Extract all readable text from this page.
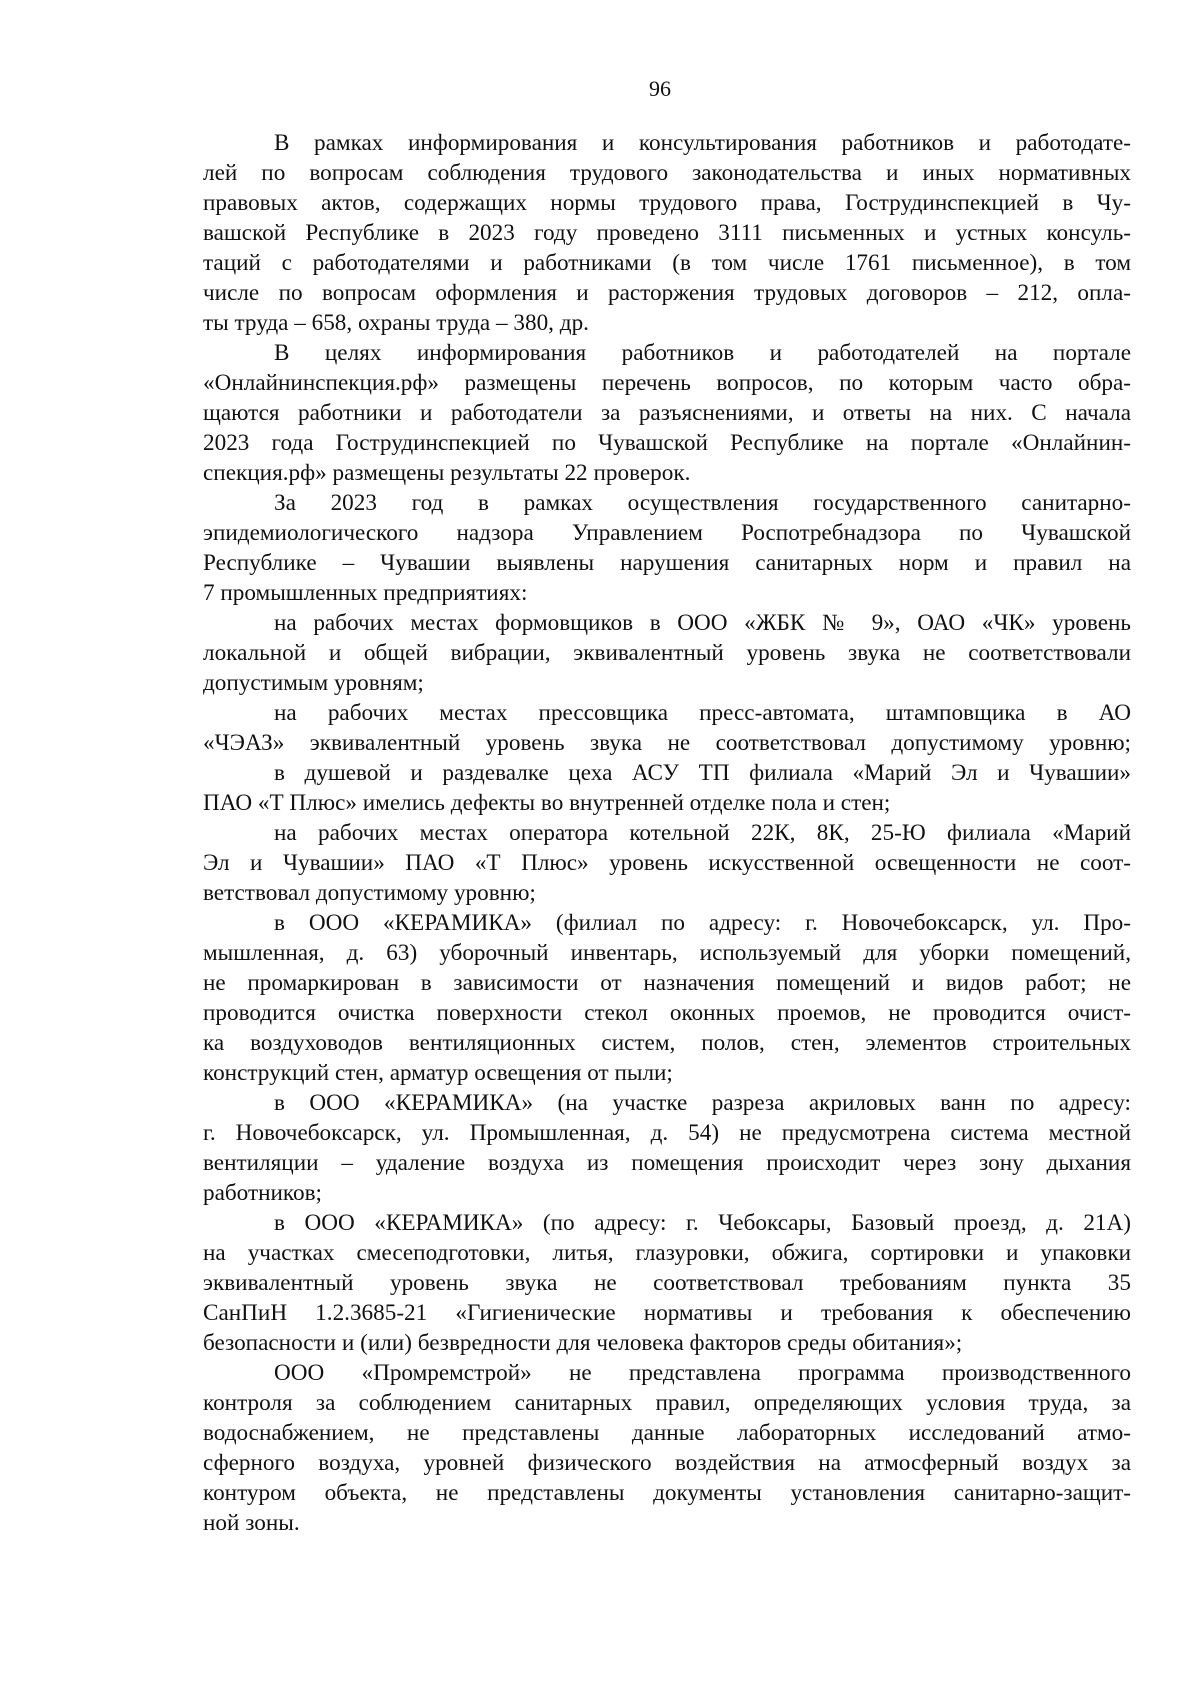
96
В рамках информирования и консультирования работников и работодате-
лей по вопросам соблюдения трудового законодательства и иных нормативных
правовых актов, содержащих нормы трудового права, Гострудинспекцией в Чу-
вашской Республике в 2023 году проведено 3111 письменных и устных консуль-
таций с работодателями и работниками (в том числе 1761 письменное), в том
числе по вопросам оформления и расторжения трудовых договоров – 212, опла-
ты труда – 658, охраны труда – 380, др.
В целях информирования работников и работодателей на портале
«Онлайнинспекция.рф» размещены перечень вопросов, по которым часто обра-
щаются работники и работодатели за разъяснениями, и ответы на них. С начала
2023 года Гострудинспекцией по Чувашской Республике на портале «Онлайнин-
спекция.рф» размещены результаты 22 проверок.
За 2023 год в рамках осуществления государственного санитарно-
эпидемиологического надзора Управлением Роспотребнадзора по Чувашской
Республике – Чувашии выявлены нарушения санитарных норм и правил на
7 промышленных предприятиях:
на рабочих местах формовщиков в ООО «ЖБК № 9», ОАО «ЧК» уровень
локальной и общей вибрации, эквивалентный уровень звука не соответствовали
допустимым уровням;
на рабочих местах прессовщика пресс-автомата, штамповщика в АО
«ЧЭАЗ» эквивалентный уровень звука не соответствовал допустимому уровню;
в душевой и раздевалке цеха АСУ ТП филиала «Марий Эл и Чувашии»
ПАО «Т Плюс» имелись дефекты во внутренней отделке пола и стен;
на рабочих местах оператора котельной 22К, 8К, 25-Ю филиала «Марий
Эл и Чувашии» ПАО «Т Плюс» уровень искусственной освещенности не соот-
ветствовал допустимому уровню;
в ООО «КЕРАМИКА» (филиал по адресу: г. Новочебоксарск, ул. Про-
мышленная, д. 63) уборочный инвентарь, используемый для уборки помещений,
не промаркирован в зависимости от назначения помещений и видов работ; не
проводится очистка поверхности стекол оконных проемов, не проводится очист-
ка воздуховодов вентиляционных систем, полов, стен, элементов строительных
конструкций стен, арматур освещения от пыли;
в ООО «КЕРАМИКА» (на участке разреза акриловых ванн по адресу:
г. Новочебоксарск, ул. Промышленная, д. 54) не предусмотрена система местной
вентиляции – удаление воздуха из помещения происходит через зону дыхания
работников;
в ООО «КЕРАМИКА» (по адресу: г. Чебоксары, Базовый проезд, д. 21А)
на участках смесеподготовки, литья, глазуровки, обжига, сортировки и упаковки
эквивалентный уровень звука не соответствовал требованиям пункта 35
СанПиН 1.2.3685-21 «Гигиенические нормативы и требования к обеспечению
безопасности и (или) безвредности для человека факторов среды обитания»;
ООО «Промремстрой» не представлена программа производственного
контроля за соблюдением санитарных правил, определяющих условия труда, за
водоснабжением, не представлены данные лабораторных исследований атмо-
сферного воздуха, уровней физического воздействия на атмосферный воздух за
контуром объекта, не представлены документы установления санитарно-защит-
ной зоны.
